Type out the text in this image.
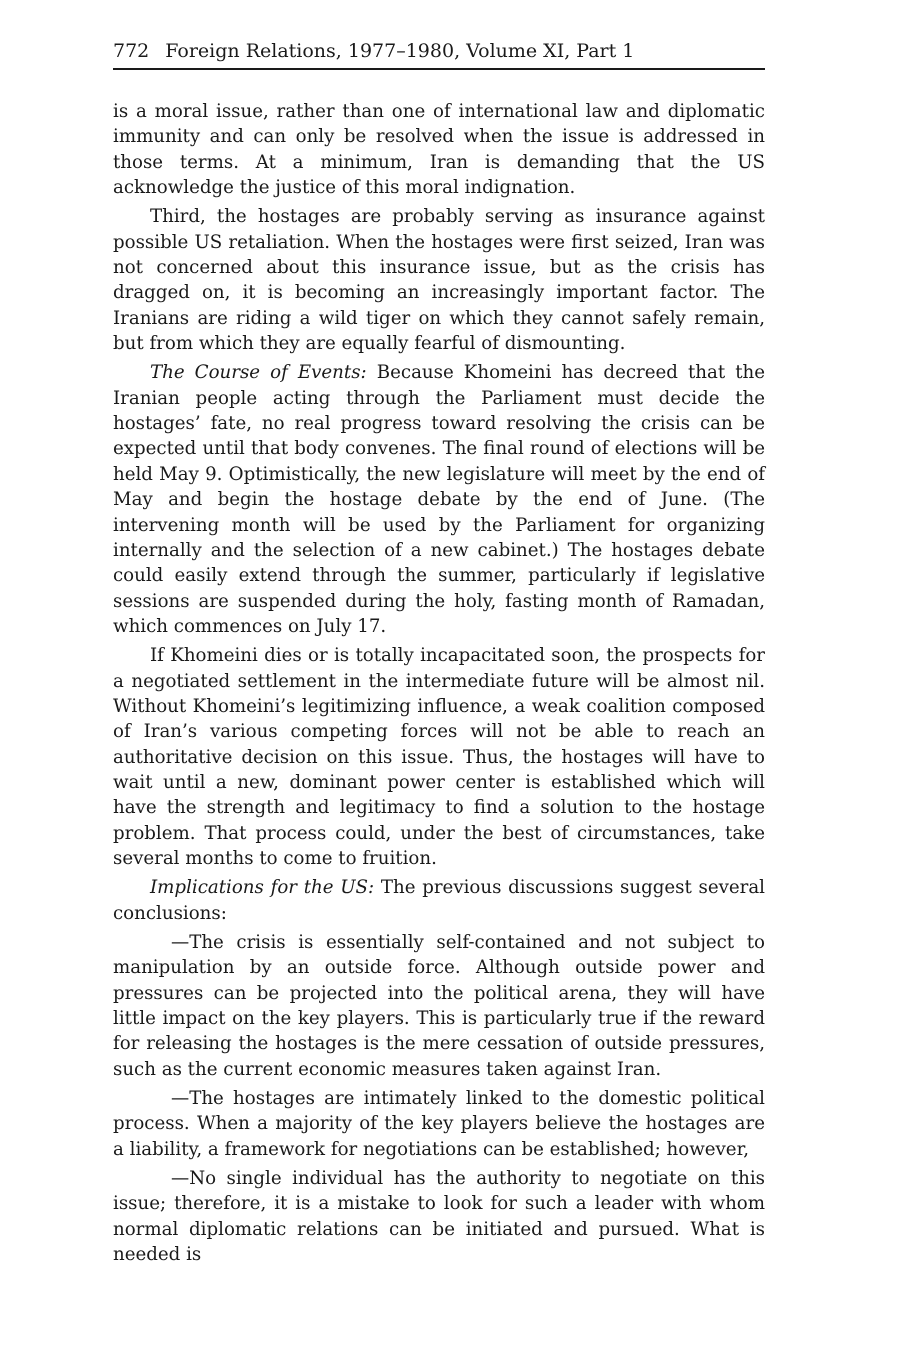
772 Foreign Relations, 1977–1980, Volume XI, Part 1

is a moral issue, rather than one of international law and diplomatic immunity and can only be resolved when the issue is addressed in those terms. At a minimum, Iran is demanding that the US acknowledge the justice of this moral indignation.

Third, the hostages are probably serving as insurance against possible US retaliation. When the hostages were first seized, Iran was not concerned about this insurance issue, but as the crisis has dragged on, it is becoming an increasingly important factor. The Iranians are riding a wild tiger on which they cannot safely remain, but from which they are equally fearful of dismounting.

The Course of Events: Because Khomeini has decreed that the Iranian people acting through the Parliament must decide the hostages’ fate, no real progress toward resolving the crisis can be expected until that body convenes. The final round of elections will be held May 9. Optimistically, the new legislature will meet by the end of May and begin the hostage debate by the end of June. (The intervening month will be used by the Parliament for organizing internally and the selection of a new cabinet.) The hostages debate could easily extend through the summer, particularly if legislative sessions are suspended during the holy, fasting month of Ramadan, which commences on July 17.

If Khomeini dies or is totally incapacitated soon, the prospects for a negotiated settlement in the intermediate future will be almost nil. Without Khomeini’s legitimizing influence, a weak coalition composed of Iran’s various competing forces will not be able to reach an authoritative decision on this issue. Thus, the hostages will have to wait until a new, dominant power center is established which will have the strength and legitimacy to find a solution to the hostage problem. That process could, under the best of circumstances, take several months to come to fruition.

Implications for the US: The previous discussions suggest several conclusions:

—The crisis is essentially self-contained and not subject to manipulation by an outside force. Although outside power and pressures can be projected into the political arena, they will have little impact on the key players. This is particularly true if the reward for releasing the hostages is the mere cessation of outside pressures, such as the current economic measures taken against Iran.

—The hostages are intimately linked to the domestic political process. When a majority of the key players believe the hostages are a liability, a framework for negotiations can be established; however,

—No single individual has the authority to negotiate on this issue; therefore, it is a mistake to look for such a leader with whom normal diplomatic relations can be initiated and pursued. What is needed is
